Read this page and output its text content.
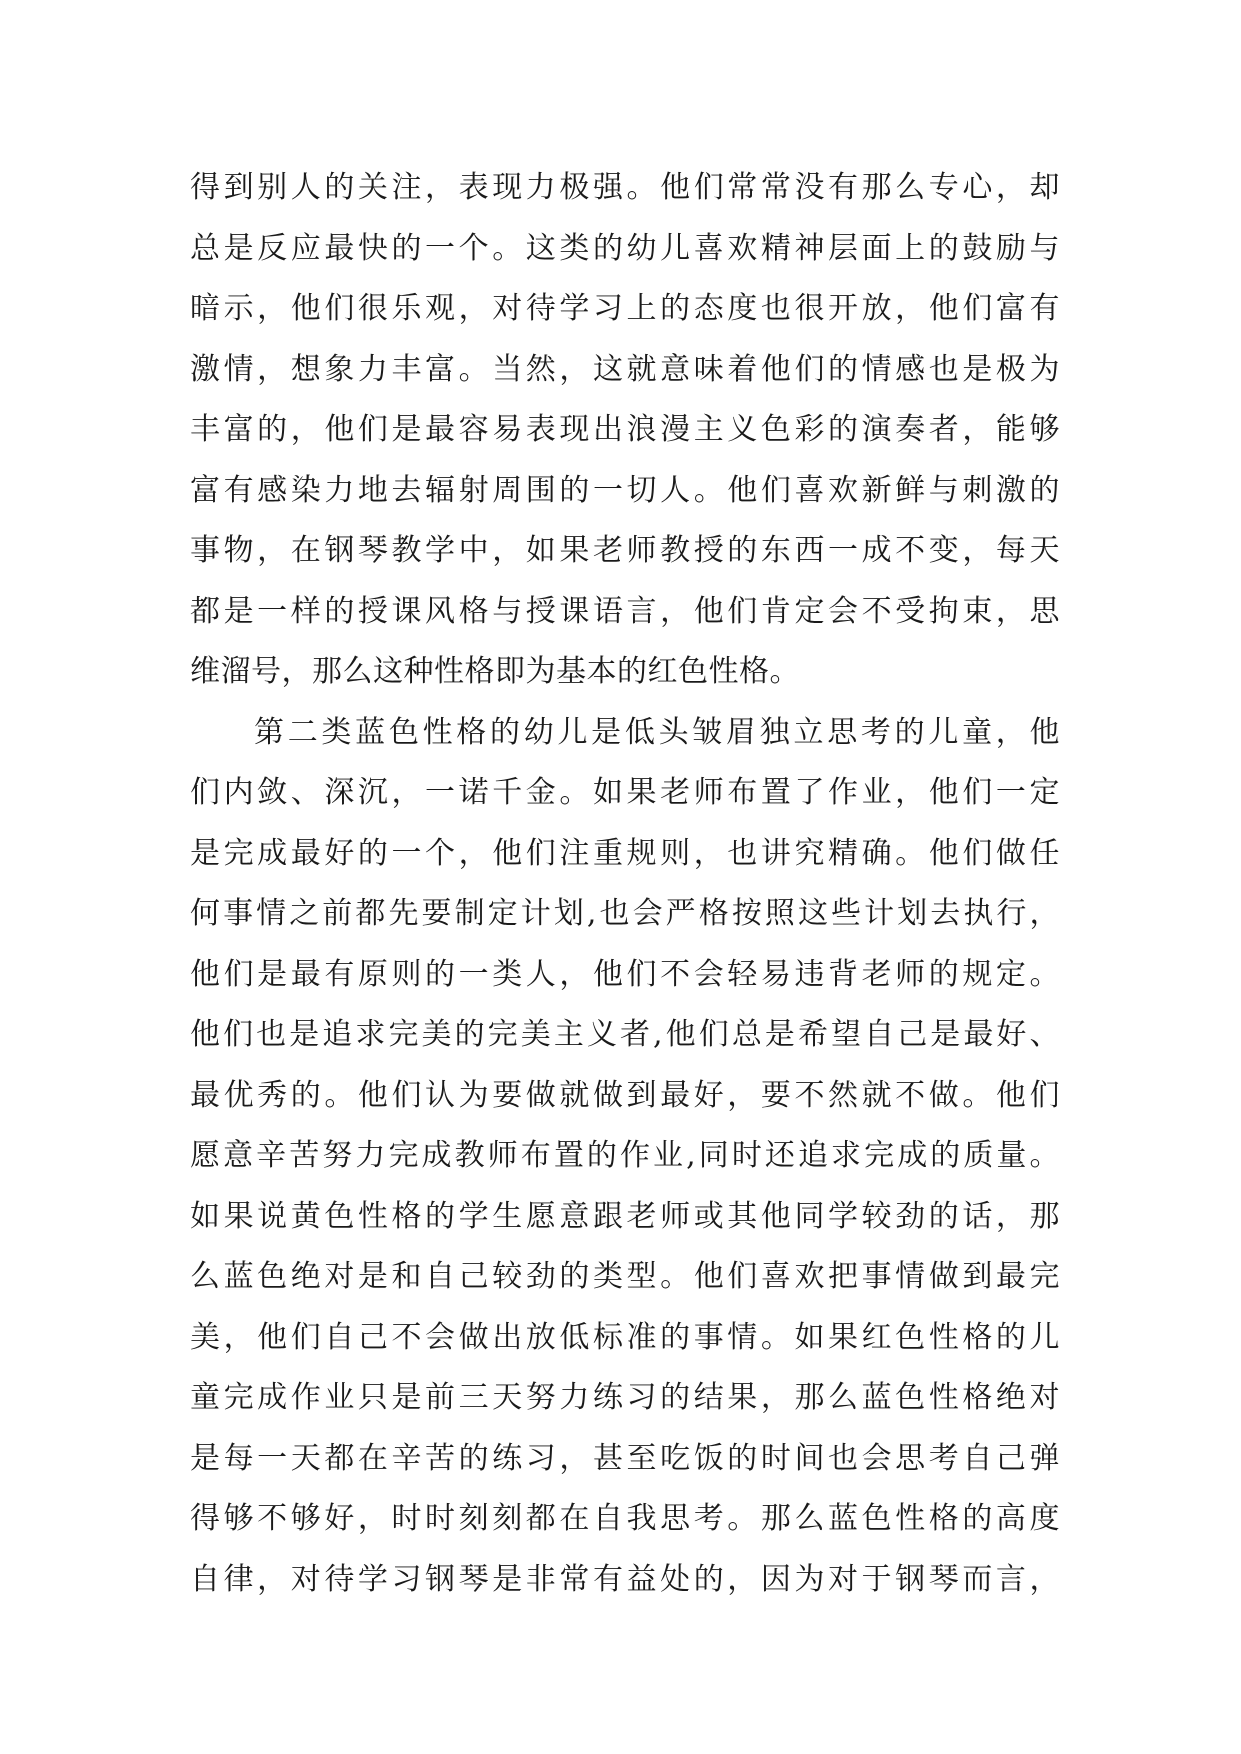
得到别人的关注，表现力极强。他们常常没有那么专心，却
总是反应最快的一个。这类的幼儿喜欢精神层面上的鼓励与
暗示，他们很乐观，对待学习上的态度也很开放，他们富有
激情，想象力丰富。当然，这就意味着他们的情感也是极为
丰富的，他们是最容易表现出浪漫主义色彩的演奏者，能够
富有感染力地去辐射周围的一切人。他们喜欢新鲜与刺激的
事物，在钢琴教学中，如果老师教授的东西一成不变，每天
都是一样的授课风格与授课语言，他们肯定会不受拘束，思
维溜号，那么这种性格即为基本的红色性格。
第二类蓝色性格的幼儿是低头皱眉独立思考的儿童，他
们内敛、深沉，一诺千金。如果老师布置了作业，他们一定
是完成最好的一个，他们注重规则，也讲究精确。他们做任
何事情之前都先要制定计划,也会严格按照这些计划去执行，
他们是最有原则的一类人，他们不会轻易违背老师的规定。
他们也是追求完美的完美主义者,他们总是希望自己是最好、
最优秀的。他们认为要做就做到最好，要不然就不做。他们
愿意辛苦努力完成教师布置的作业,同时还追求完成的质量。
如果说黄色性格的学生愿意跟老师或其他同学较劲的话，那
么蓝色绝对是和自己较劲的类型。他们喜欢把事情做到最完
美，他们自己不会做出放低标准的事情。如果红色性格的儿
童完成作业只是前三天努力练习的结果，那么蓝色性格绝对
是每一天都在辛苦的练习，甚至吃饭的时间也会思考自己弹
得够不够好，时时刻刻都在自我思考。那么蓝色性格的高度
自律，对待学习钢琴是非常有益处的，因为对于钢琴而言，
